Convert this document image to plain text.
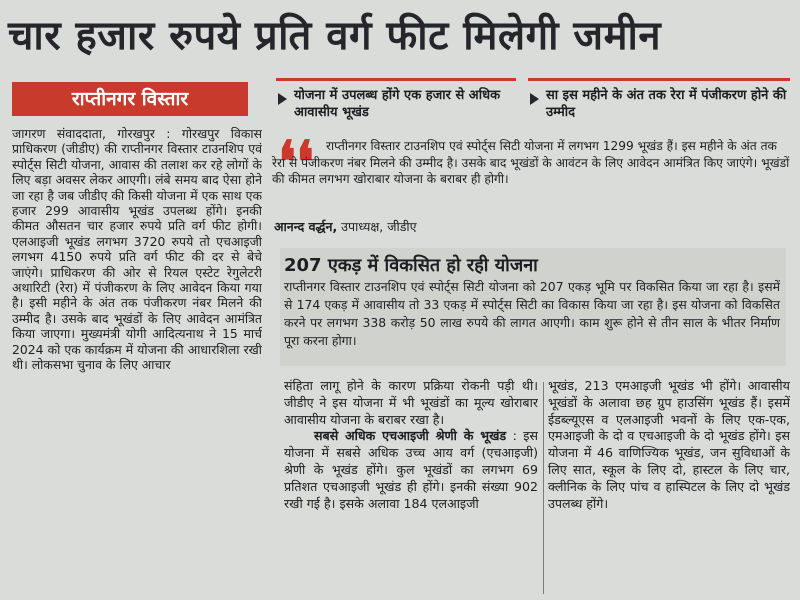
चार हजार रुपये प्रति वर्ग फीट मिलेगी जमीन
राप्तीनगर विस्तार

जागरण संवाददाता, गोरखपुर : गोरखपुर विकास प्राधिकरण (जीडीए) की राप्तीनगर विस्तार टाउनशिप एवं स्पोर्ट्स सिटी योजना, आवास की तलाश कर रहे लोगों के लिए बड़ा अवसर लेकर आएगी। लंबे समय बाद ऐसा होने जा रहा है जब जीडीए की किसी योजना में एक साथ एक हजार 299 आवासीय भूखंड उपलब्ध होंगे। इनकी कीमत औसतन चार हजार रुपये प्रति वर्ग फीट होगी। एलआइजी भूखंड लगभग 3720 रुपये तो एचआइजी लगभग 4150 रुपये प्रति वर्ग फीट की दर से बेचे जाएंगे। प्राधिकरण की ओर से रियल एस्टेट रेगुलेटरी अथारिटी (रेरा) में पंजीकरण के लिए आवेदन किया गया है। इसी महीने के अंत तक पंजीकरण नंबर मिलने की उम्मीद है। उसके बाद भूखंडों के लिए आवेदन आमंत्रित किया जाएगा। मुख्यमंत्री योगी आदित्यनाथ ने 15 मार्च 2024 को एक कार्यक्रम में योजना की आधारशिला रखी थी। लोकसभा चुनाव के लिए आचार

योजना में उपलब्ध होंगे एक हजार से अधिक आवासीय भूखंड
सा इस महीने के अंत तक रेरा में पंजीकरण होने की उम्मीद
❛❛ राप्तीनगर विस्तार टाउनशिप एवं स्पोर्ट्स सिटी योजना में लगभग 1299 भूखंड हैं। इस महीने के अंत तक रेरा से पंजीकरण नंबर मिलने की उम्मीद है। उसके बाद भूखंडों के आवंटन के लिए आवेदन आमंत्रित किए जाएंगे। भूखंडों की कीमत लगभग खोराबार योजना के बराबर ही होगी।
आनन्द वर्द्धन, उपाध्यक्ष, जीडीए
207 एकड़ में विकसित हो रही योजना
राप्तीनगर विस्तार टाउनशिप एवं स्पोर्ट्स सिटी योजना को 207 एकड़ भूमि पर विकसित किया जा रहा है। इसमें से 174 एकड़ में आवासीय तो 33 एकड़ में स्पोर्ट्स सिटी का विकास किया जा रहा है। इस योजना को विकसित करने पर लगभग 338 करोड़ 50 लाख रुपये की लागत आएगी। काम शुरू होने से तीन साल के भीतर निर्माण पूरा करना होगा।

संहिता लागू होने के कारण प्रक्रिया रोकनी पड़ी थी। जीडीए ने इस योजना में भी भूखंडों का मूल्य खोराबार आवासीय योजना के बराबर रखा है।

सबसे अधिक एचआइजी श्रेणी के भूखंड : इस योजना में सबसे अधिक उच्च आय वर्ग (एचआइजी) श्रेणी के भूखंड होंगे। कुल भूखंडों का लगभग 69 प्रतिशत एचआइजी भूखंड ही होंगे। इनकी संख्या 902 रखी गई है। इसके अलावा 184 एलआइजी

भूखंड, 213 एमआइजी भूखंड भी होंगे। आवासीय भूखंडों के अलावा छह ग्रुप हाउसिंग भूखंड हैं। इसमें ईडब्ल्यूएस व एलआइजी भवनों के लिए एक-एक, एमआइजी के दो व एचआइजी के दो भूखंड होंगे। इस योजना में 46 वाणिज्यिक भूखंड, जन सुविधाओं के लिए सात, स्कूल के लिए दो, हास्टल के लिए चार, क्लीनिक के लिए पांच व हास्पिटल के लिए दो भूखंड उपलब्ध होंगे।
